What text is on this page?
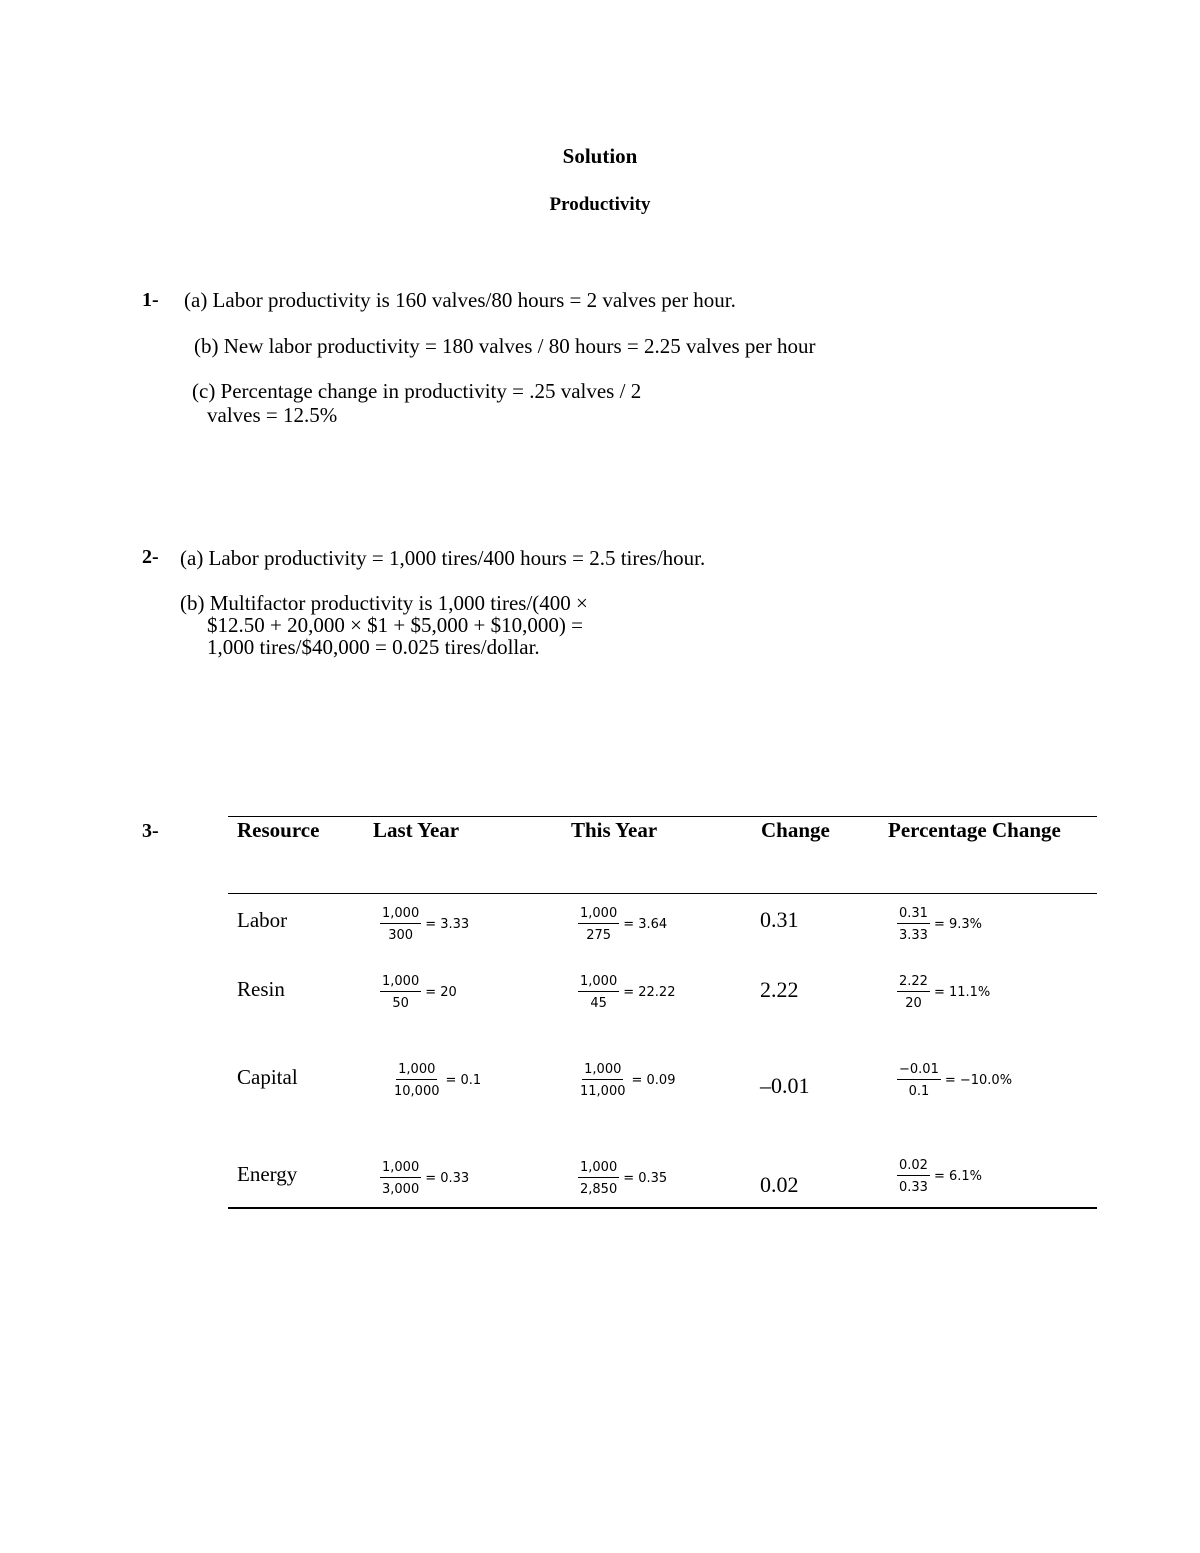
Solution
Productivity
1- (a) Labor productivity is 160 valves/80 hours = 2 valves per hour.
(b) New labor productivity = 180 valves / 80 hours = 2.25 valves per hour
(c) Percentage change in productivity = .25 valves / 2
valves = 12.5%
2- (a) Labor productivity = 1,000 tires/400 hours = 2.5 tires/hour.
(b) Multifactor productivity is 1,000 tires/(400 ×
$12.50 + 20,000 × $1 + $5,000 + $10,000) =
1,000 tires/$40,000 = 0.025 tires/dollar.
3-	Resource	Last Year	This Year	Change	Percentage Change
Labor	$\frac{1,000}{300} = 3.33$	$\frac{1,000}{275} = 3.64$	0.31	$\frac{0.31}{3.33} = 9.3\%$
Resin	$\frac{1,000}{50} = 20$	$\frac{1,000}{45} = 22.22$	2.22	$\frac{2.22}{20} = 11.1\%$
Capital	$\frac{1,000}{10,000} = 0.1$	$\frac{1,000}{11,000} = 0.09$	–0.01	$\frac{-0.01}{0.1} = -10.0\%$
Energy	$\frac{1,000}{3,000} = 0.33$	$\frac{1,000}{2,850} = 0.35$	0.02	$\frac{0.02}{0.33} = 6.1\%$
